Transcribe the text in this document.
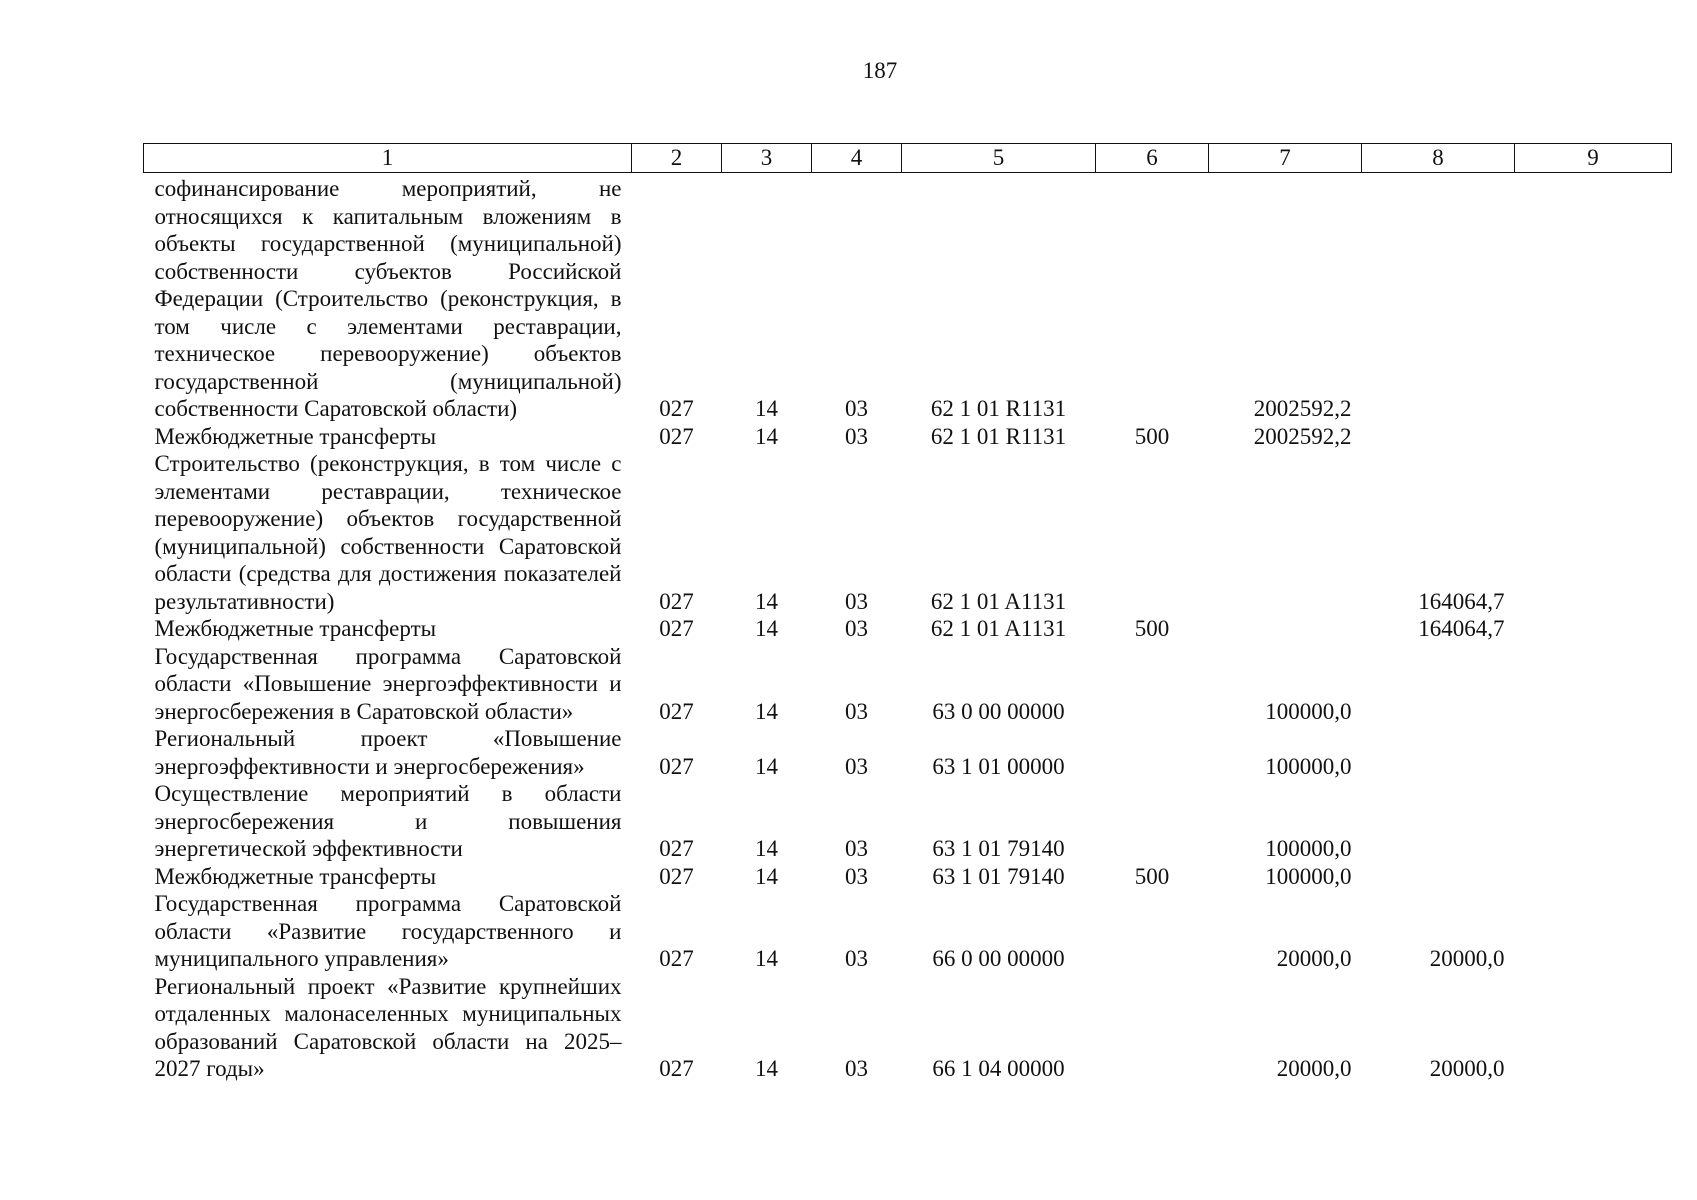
187
1	2	3	4	5	6	7	8	9
софинансирование мероприятий, не относящихся к капитальным вложениям в объекты государственной (муниципальной) собственности субъектов Российской Федерации (Строительство (реконструкция, в том числе с элементами реставрации, техническое перевооружение) объектов государственной (муниципальной) собственности Саратовской области)	027	14	03	62 1 01 R1131		2002592,2		
Межбюджетные трансферты	027	14	03	62 1 01 R1131	500	2002592,2		
Строительство (реконструкция, в том числе с элементами реставрации, техническое перевооружение) объектов государственной (муниципальной) собственности Саратовской области (средства для достижения показателей результативности)	027	14	03	62 1 01 A1131			164064,7	
Межбюджетные трансферты	027	14	03	62 1 01 A1131	500		164064,7	
Государственная программа Саратовской области «Повышение энергоэффективности и энергосбережения в Саратовской области»	027	14	03	63 0 00 00000		100000,0		
Региональный проект «Повышение энергоэффективности и энергосбережения»	027	14	03	63 1 01 00000		100000,0		
Осуществление мероприятий в области энергосбережения и повышения энергетической эффективности	027	14	03	63 1 01 79140		100000,0		
Межбюджетные трансферты	027	14	03	63 1 01 79140	500	100000,0		
Государственная программа Саратовской области «Развитие государственного и муниципального управления»	027	14	03	66 0 00 00000		20000,0	20000,0	
Региональный проект «Развитие крупнейших отдаленных малонаселенных муниципальных образований Саратовской области на 2025–2027 годы»	027	14	03	66 1 04 00000		20000,0	20000,0	
